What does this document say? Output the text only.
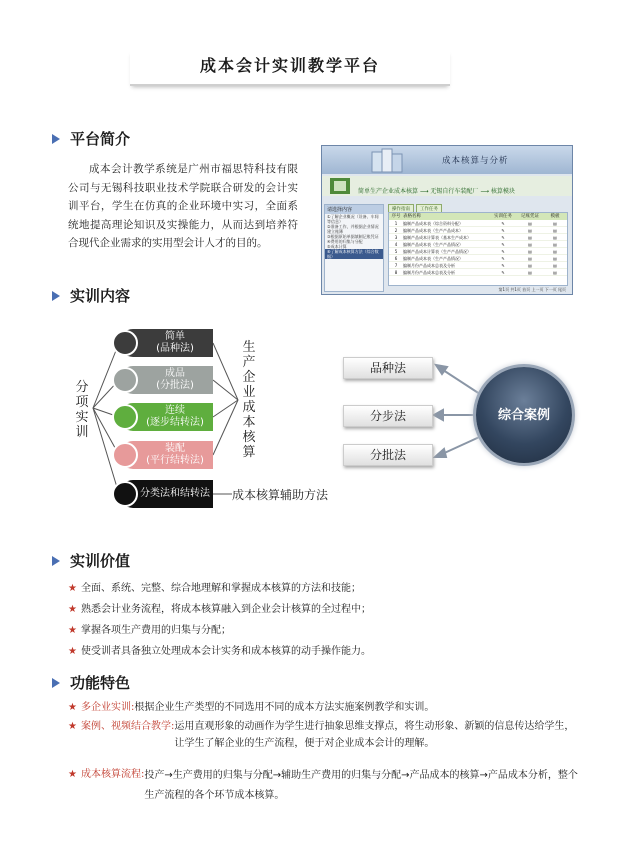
成本会计实训教学平台
平台简介
成本会计教学系统是广州市福思特科技有限公司与无锡科技职业技术学院联合研发的会计实训平台，学生在仿真的企业环境中实习，全面系统地提高理论知识及实操能力，从而达到培养符合现代企业需求的实用型会计人才的目的。
成本核算与分析
简单生产企业成本核算 ⟶ 无锡自行车装配厂 ⟶ 核算模块
请选择内容
①了解企业概况（设备、车间等信息）
②准备工作，并根据企业情况建立账簿
③根据原始单据填制记账凭证
④费用的归集与分配
⑤成本计算
⑥了解成本核算方法（综合数据）
操作指南	工作任务
序号 表格名称	实训任务	记账凭证	模板
1	编制产品成本表（综合资料分配）	✎	▤	▤
2	编制产品成本表（生产产品成本）	✎	▤	▤
3	编制产品成本计算表（基本生产成本）	✎	▤	▤
4	编制产品成本表（生产产品情况）	✎	▤	▤
5	编制产品成本计算表（生产产品情况）	✎	▤	▤
6	编制产品成本表（生产产品情况）	✎	▤	▤
7	编制月份产品成本总表及分析	✎	▤	▤
8	编制月份产品成本总表及分析	✎	▤	▤
第1页 共1页 首页 上一页 下一页 尾页
实训内容
分项实训
生产企业成本核算
简单
(品种法)
成品
(分批法)
连续
(逐步结转法)
装配
(平行结转法)
分类法和结转法 成本核算辅助方法
品种法
分步法
分批法
综合案例
实训价值
★ 全面、系统、完整、综合地理解和掌握成本核算的方法和技能；
★ 熟悉会计业务流程，将成本核算融入到企业会计核算的全过程中；
★ 掌握各项生产费用的归集与分配；
★ 使受训者具备独立处理成本会计实务和成本核算的动手操作能力。
功能特色
★ 多企业实训:根据企业生产类型的不同选用不同的成本方法实施案例教学和实训。
★ 案例、视频结合教学: 运用直观形象的动画作为学生进行抽象思维支撑点，将生动形象、新颖的信息传达给学生，让学生了解企业的生产流程，便于对企业成本会计的理解。
★ 成本核算流程: 投产→生产费用的归集与分配→辅助生产费用的归集与分配→产品成本的核算→产品成本分析，整个生产流程的各个环节成本核算。
